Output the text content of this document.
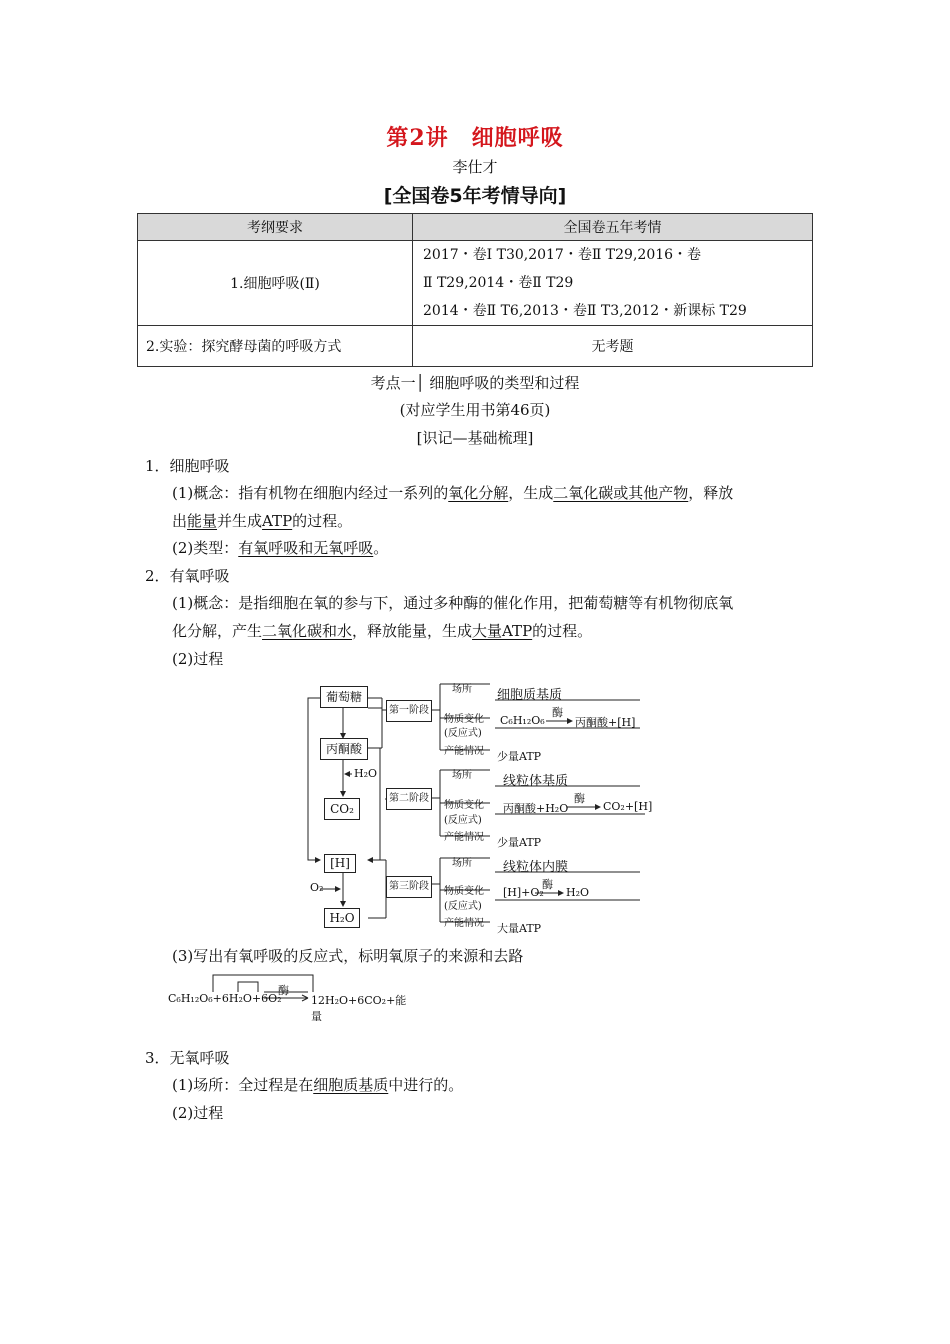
第2讲　细胞呼吸
李仕才
[全国卷5年考情导向]
考纲要求	全国卷五年考情
1.细胞呼吸(Ⅱ)	2017・卷Ⅰ T30,2017・卷Ⅱ T29,2016・卷
Ⅱ T29,2014・卷Ⅱ T29
2014・卷Ⅱ T6,2013・卷Ⅱ T3,2012・新课标 T29

2.实验：探究酵母菌的呼吸方式	无考题
考点一│ 细胞呼吸的类型和过程
(对应学生用书第46页)
[识记—基础梳理]
1．细胞呼吸
(1)概念：指有机物在细胞内经过一系列的氧化分解，生成二氧化碳或其他产物，释放
出能量并生成ATP的过程。
(2)类型：有氧呼吸和无氧呼吸。
2．有氧呼吸
(1)概念：是指细胞在氧的参与下，通过多种酶的催化作用，把葡萄糖等有机物彻底氧
化分解，产生二氧化碳和水，释放能量，生成大量ATP的过程。
(2)过程
葡萄糖
丙酮酸
CO₂
[H]
H₂O
H₂O
O₂
第一阶段
第二阶段
第三阶段
场所 细胞质基质
物质变化
(反应式)
C₆H₁₂O₆
酶
丙酮酸+[H]
产能情况 少量ATP
场所 线粒体基质
物质变化
(反应式)
丙酮酸+H₂O
酶
CO₂+[H]
产能情况 少量ATP
场所 线粒体内膜
物质变化
(反应式)
[H]+O₂
酶
H₂O
产能情况 大量ATP
(3)写出有氧呼吸的反应式，标明氧原子的来源和去路
C₆H₁₂O₆+6H₂O+6O₂
酶
12H₂O+6CO₂+能量
3．无氧呼吸
(1)场所：全过程是在细胞质基质中进行的。
(2)过程
